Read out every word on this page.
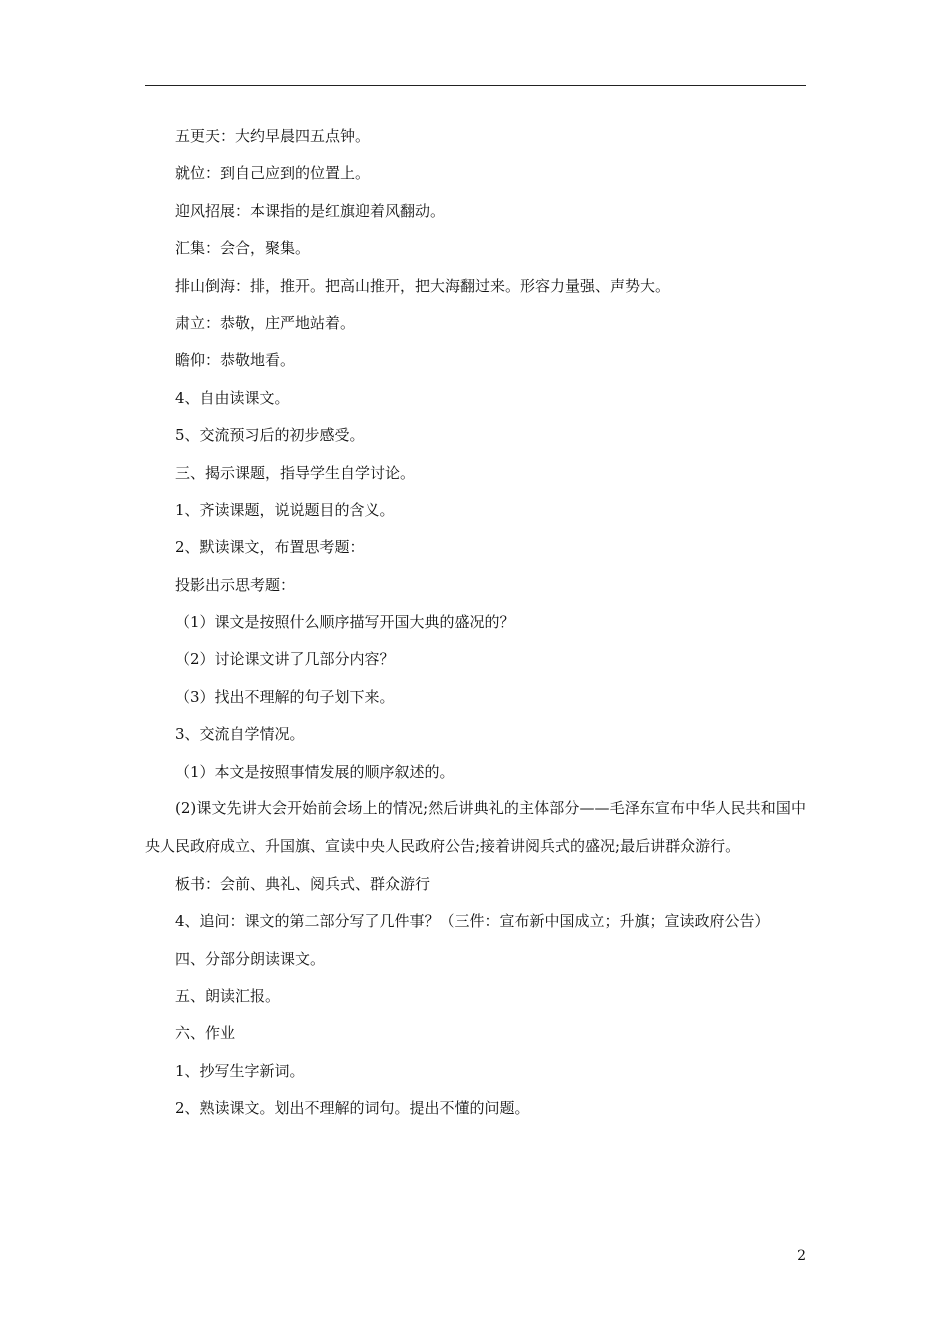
五更天：大约早晨四五点钟。
就位：到自己应到的位置上。
迎风招展：本课指的是红旗迎着风翻动。
汇集：会合，聚集。
排山倒海：排，推开。把高山推开，把大海翻过来。形容力量强、声势大。
肃立：恭敬，庄严地站着。
瞻仰：恭敬地看。
4、自由读课文。
5、交流预习后的初步感受。
三、揭示课题，指导学生自学讨论。
1、齐读课题，说说题目的含义。
2、默读课文，布置思考题：
投影出示思考题：
（1）课文是按照什么顺序描写开国大典的盛况的？
（2）讨论课文讲了几部分内容？
（3）找出不理解的句子划下来。
3、交流自学情况。
（1）本文是按照事情发展的顺序叙述的。
(2)课文先讲大会开始前会场上的情况;然后讲典礼的主体部分——毛泽东宣布中华人民共和国中央人民政府成立、升国旗、宣读中央人民政府公告;接着讲阅兵式的盛况;最后讲群众游行。
板书：会前、典礼、阅兵式、群众游行
4、追问：课文的第二部分写了几件事？（三件：宣布新中国成立；升旗；宣读政府公告）
四、分部分朗读课文。
五、朗读汇报。
六、作业
1、抄写生字新词。
2、熟读课文。划出不理解的词句。提出不懂的问题。
2
